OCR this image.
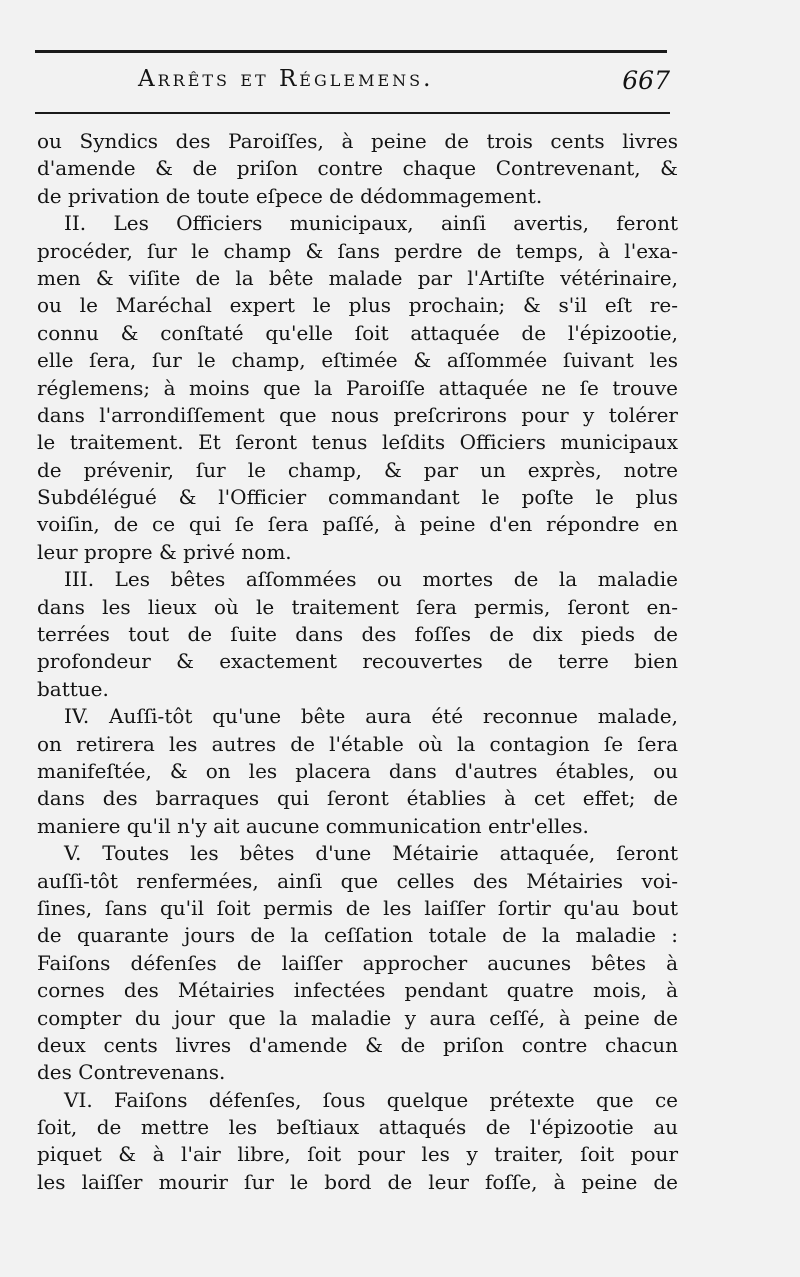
Arrêts et Réglemens.	667
ou Syndics des Paroiſſes, à peine de trois cents livres
d'amende & de priſon contre chaque Contrevenant, &
de privation de toute eſpece de dédommagement.
II. Les Officiers municipaux, ainſi avertis, feront
procéder, ſur le champ & ſans perdre de temps, à l'exa-
men & viſite de la bête malade par l'Artiſte vétérinaire,
ou le Maréchal expert le plus prochain; & s'il eſt re-
connu & conſtaté qu'elle ſoit attaquée de l'épizootie,
elle ſera, ſur le champ, eſtimée & aſſommée ſuivant les
réglemens; à moins que la Paroiſſe attaquée ne ſe trouve
dans l'arrondiſſement que nous preſcrirons pour y tolérer
le traitement. Et ſeront tenus leſdits Officiers municipaux
de prévenir, ſur le champ, & par un exprès, notre
Subdélégué & l'Officier commandant le poſte le plus
voiſin, de ce qui ſe ſera paſſé, à peine d'en répondre en
leur propre & privé nom.
III. Les bêtes aſſommées ou mortes de la maladie
dans les lieux où le traitement ſera permis, ſeront en-
terrées tout de ſuite dans des foſſes de dix pieds de
profondeur & exactement recouvertes de terre bien
battue.
IV. Auſſi-tôt qu'une bête aura été reconnue malade,
on retirera les autres de l'étable où la contagion ſe ſera
manifeſtée, & on les placera dans d'autres étables, ou
dans des barraques qui ſeront établies à cet effet; de
maniere qu'il n'y ait aucune communication entr'elles.
V. Toutes les bêtes d'une Métairie attaquée, ſeront
auſſi-tôt renfermées, ainſi que celles des Métairies voi-
ſines, ſans qu'il ſoit permis de les laiſſer ſortir qu'au bout
de quarante jours de la ceſſation totale de la maladie :
Faiſons défenſes de laiſſer approcher aucunes bêtes à
cornes des Métairies infectées pendant quatre mois, à
compter du jour que la maladie y aura ceſſé, à peine de
deux cents livres d'amende & de priſon contre chacun
des Contrevenans.
VI. Faiſons défenſes, ſous quelque prétexte que ce
ſoit, de mettre les beſtiaux attaqués de l'épizootie au
piquet & à l'air libre, ſoit pour les y traiter, ſoit pour
les laiſſer mourir ſur le bord de leur foſſe, à peine de
